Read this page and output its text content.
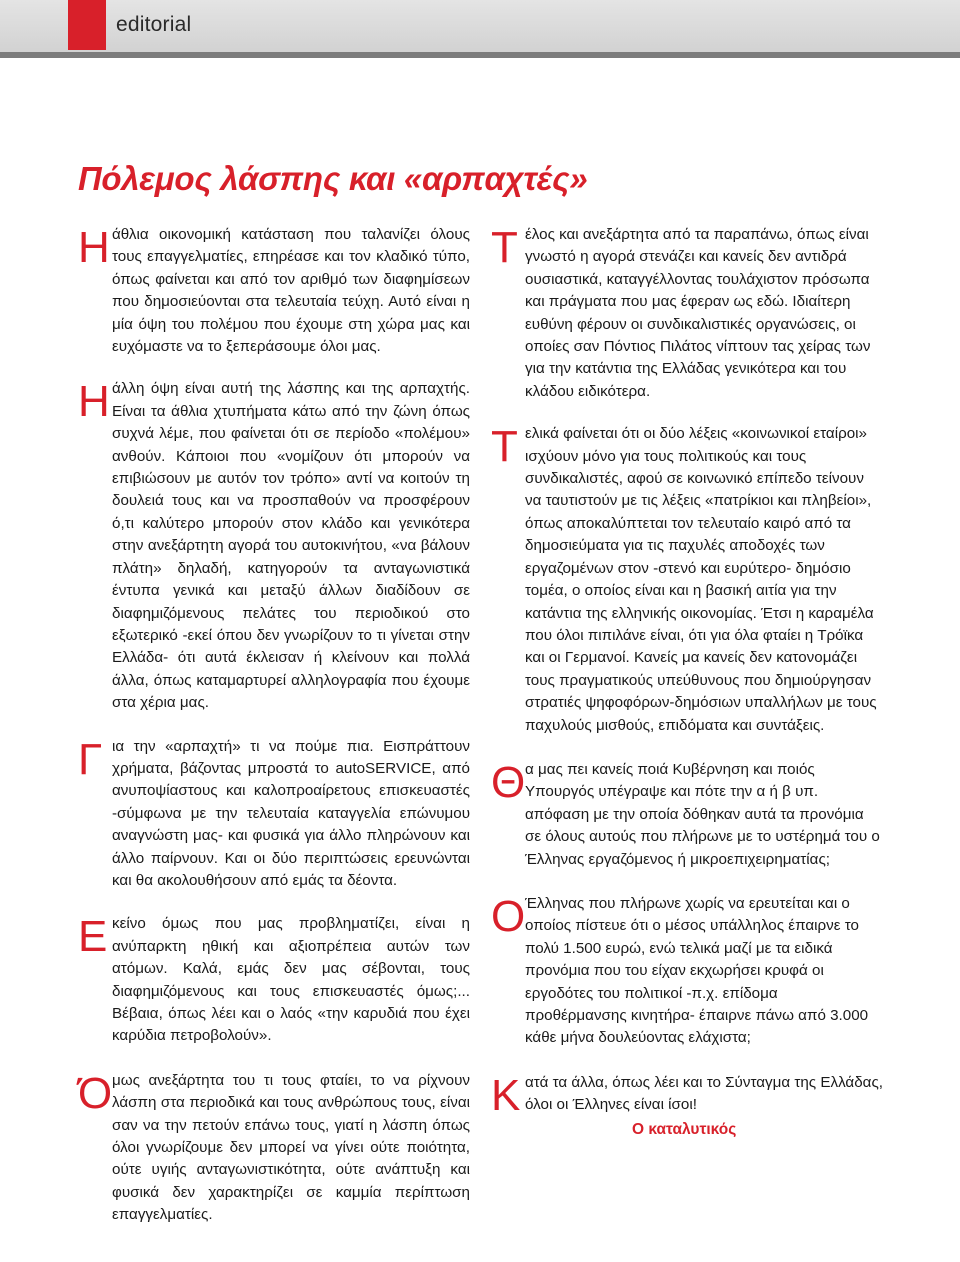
editorial
Πόλεμος λάσπης και «αρπαχτές»

Η άθλια οικονομική κατάσταση που ταλανίζει όλους τους επαγγελματίες, επηρέασε και τον κλαδικό τύπο, όπως φαίνεται και από τον αριθμό των διαφημίσεων που δημοσιεύονται στα τελευταία τεύχη. Αυτό είναι η μία όψη του πολέμου που έχουμε στη χώρα μας και ευχόμαστε να το ξεπεράσουμε όλοι μας.

Η άλλη όψη είναι αυτή της λάσπης και της αρπαχτής. Είναι τα άθλια χτυπήματα κάτω από την ζώνη όπως συχνά λέμε, που φαίνεται ότι σε περίοδο «πολέμου» ανθούν. Κάποιοι που «νομίζουν ότι μπορούν να επιβιώσουν με αυτόν τον τρόπο» αντί να κοιτούν τη δουλειά τους και να προσπαθούν να προσφέρουν ό,τι καλύτερο μπορούν στον κλάδο και γενικότερα στην ανεξάρτητη αγορά του αυτοκινήτου, «να βάλουν πλάτη» δηλαδή, κατηγορούν τα ανταγωνιστικά έντυπα γενικά και μεταξύ άλλων διαδίδουν σε διαφημιζόμενους πελάτες του περιοδικού στο εξωτερικό -εκεί όπου δεν γνωρίζουν το τι γίνεται στην Ελλάδα- ότι αυτά έκλεισαν ή κλείνουν και πολλά άλλα, όπως καταμαρτυρεί αλληλογραφία που έχουμε στα χέρια μας.

Γ ια την «αρπαχτή» τι να πούμε πια. Εισπράττουν χρήματα, βάζοντας μπροστά το autoSERVICE, από ανυποψίαστους και καλοπροαίρετους επισκευαστές -σύμφωνα με την τελευταία καταγγελία επώνυμου αναγνώστη μας- και φυσικά για άλλο πληρώνουν και άλλο παίρνουν. Και οι δύο περιπτώσεις ερευνώνται και θα ακολουθήσουν από εμάς τα δέοντα.

Ε κείνο όμως που μας προβληματίζει, είναι η ανύπαρκτη ηθική και αξιοπρέπεια αυτών των ατόμων. Καλά, εμάς δεν μας σέβονται, τους διαφημιζόμενους και τους επισκευαστές όμως;... Βέβαια, όπως λέει και ο λαός «την καρυδιά που έχει καρύδια πετροβολούν».

Ό μως ανεξάρτητα του τι τους φταίει, το να ρίχνουν λάσπη στα περιοδικά και τους ανθρώπους τους, είναι σαν να την πετούν επάνω τους, γιατί η λάσπη όπως όλοι γνωρίζουμε δεν μπορεί να γίνει ούτε ποιότητα, ούτε υγιής ανταγωνιστικότητα, ούτε ανάπτυξη και φυσικά δεν χαρακτηρίζει σε καμμία περίπτωση επαγγελματίες.

Τ έλος και ανεξάρτητα από τα παραπάνω, όπως είναι γνωστό η αγορά στενάζει και κανείς δεν αντιδρά ουσιαστικά, καταγγέλλοντας τουλάχιστον πρόσωπα και πράγματα που μας έφεραν ως εδώ. Ιδιαίτερη ευθύνη φέρουν οι συνδικαλιστικές οργανώσεις, οι οποίες σαν Πόντιος Πιλάτος νίπτουν τας χείρας των για την κατάντια της Ελλάδας γενικότερα και του κλάδου ειδικότερα.

Τ ελικά φαίνεται ότι οι δύο λέξεις «κοινωνικοί εταίροι» ισχύουν μόνο για τους πολιτικούς και τους συνδικαλιστές, αφού σε κοινωνικό επίπεδο τείνουν να ταυτιστούν με τις λέξεις «πατρίκιοι και πληβείοι», όπως αποκαλύπτεται τον τελευταίο καιρό από τα δημοσιεύματα για τις παχυλές αποδοχές των εργαζομένων στον -στενό και ευρύτερο- δημόσιο τομέα, ο οποίος είναι και η βασική αιτία για την κατάντια της ελληνικής οικονομίας. Έτσι η καραμέλα που όλοι πιπιλάνε είναι, ότι για όλα φταίει η Τρόϊκα και οι Γερμανοί. Κανείς μα κανείς δεν κατονομάζει τους πραγματικούς υπεύθυνους που δημιούργησαν στρατιές ψηφοφόρων-δημόσιων υπαλλήλων με τους παχυλούς μισθούς, επιδόματα και συντάξεις.

Θ α μας πει κανείς ποιά Κυβέρνηση και ποιός Υπουργός υπέγραψε και πότε την α ή β υπ. απόφαση με την οποία δόθηκαν αυτά τα προνόμια σε όλους αυτούς που πλήρωνε με το υστέρημά του ο Έλληνας εργαζόμενος ή μικροεπιχειρηματίας;

Ο Έλληνας που πλήρωνε χωρίς να ερευτείται και ο οποίος πίστευε ότι ο μέσος υπάλληλος έπαιρνε το πολύ 1.500 ευρώ, ενώ τελικά μαζί με τα ειδικά προνόμια που του είχαν εκχωρήσει κρυφά οι εργοδότες του πολιτικοί -π.χ. επίδομα προθέρμανσης κινητήρα- έπαιρνε πάνω από 3.000 κάθε μήνα δουλεύοντας ελάχιστα;

Κ ατά τα άλλα, όπως λέει και το Σύνταγμα της Ελλάδας, όλοι οι Έλληνες είναι ίσοι!

Ο καταλυτικός
